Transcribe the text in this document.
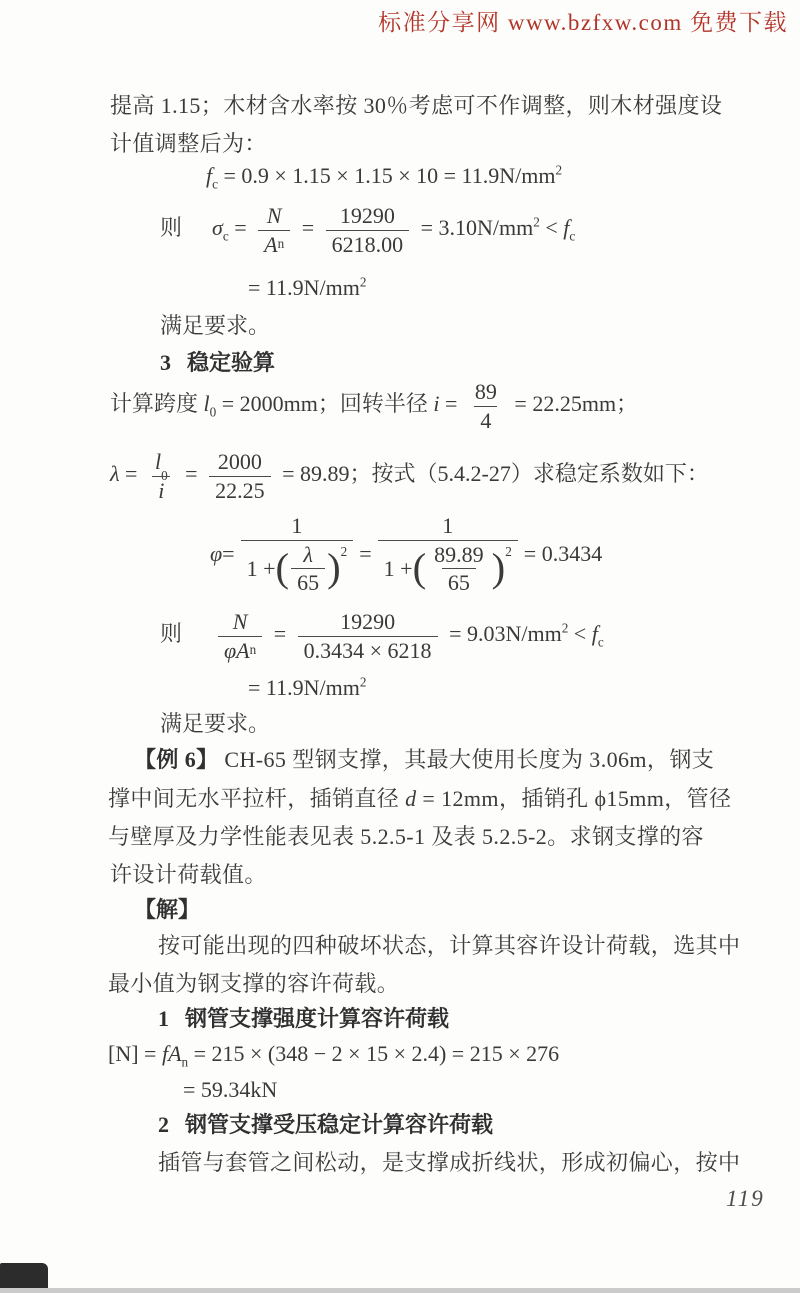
标准分享网 www.bzfxw.com 免费下载
提高 1.15；木材含水率按 30％考虑可不作调整，则木材强度设
计值调整后为：
$f_c = 0.9 \times 1.15 \times 1.15 \times 10 = 11.9N/mm^2$
则 $\sigma_c = \frac{N}{\text{A n}} = \frac{19290}{6218.00} = 3.10N/mm^2 < f_c$
= $11.9N/mm^2$
满足要求。
3 稳定验算
计算跨度 $l_0 = 2000mm$；回转半径 $i = \frac{89}{4} = 22.25mm$；
λ = l
0
$i = \frac{2000}{22.25} = 89.89$；按式（5.4.2-27）求稳定系数如下：
$\varphi = \frac{1}{1 + ( \frac{\lambda}{65} ) 2} = \frac{1}{1 + ( \frac{89.89}{65} ) 2} = 0.3434$
则 N
φA n
= $\frac{19290}{0.3434 \times 6218} = 9.03N/mm^2 < f_c$
= $11.9N/mm^2$
满足要求。
【例 6】 CH-65 型钢支撑，其最大使用长度为 3.06m，钢支
撑中间无水平拉杆，插销直径 d = 12mm，插销孔 ϕ15mm，管径
与壁厚及力学性能表见表 5.2.5-1 及表 5.2.5-2。求钢支撑的容
许设计荷载值。
【解】
按可能出现的四种破坏状态，计算其容许设计荷载，选其中
最小值为钢支撑的容许荷载。
1 钢管支撑强度计算容许荷载
$[N] = fA_n = 215 \times (348 - 2 \times 15 \times 2.4) = 215 \times 276$
= 59.34kN
2 钢管支撑受压稳定计算容许荷载
插管与套管之间松动，是支撑成折线状，形成初偏心，按中
119
